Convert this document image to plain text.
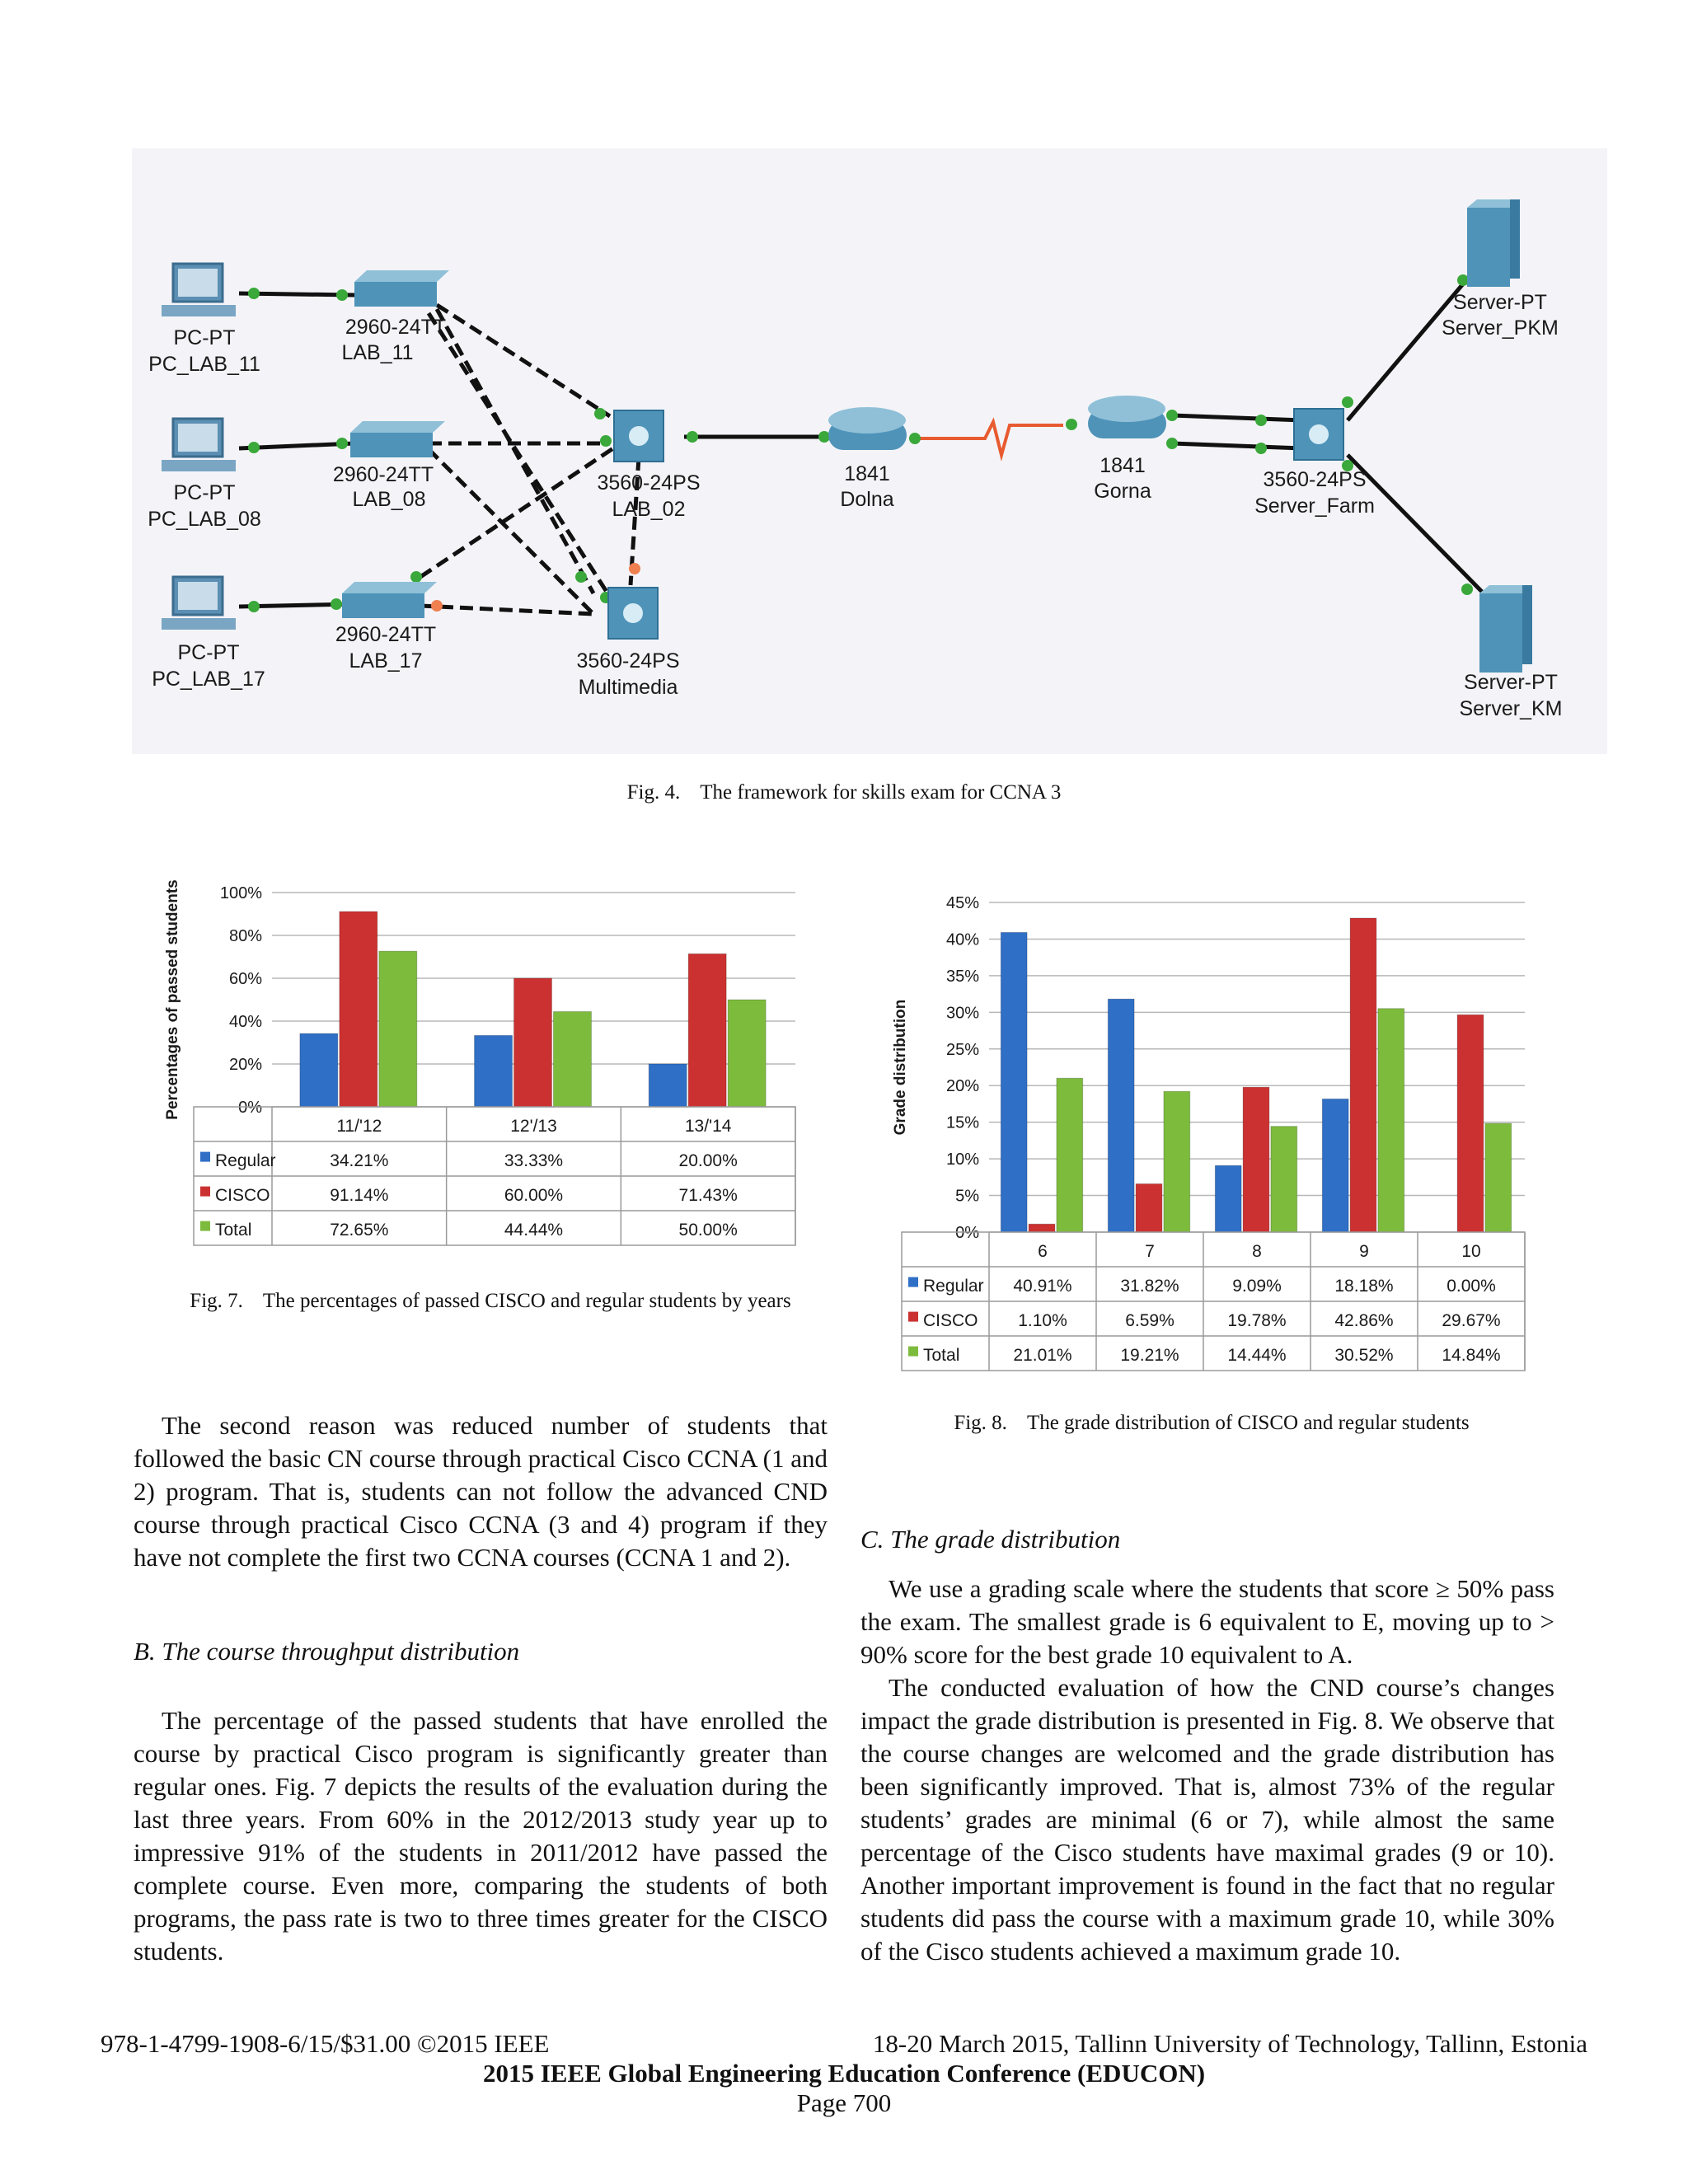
PC-PT
PC_LAB_11
PC-PT
PC_LAB_08
PC-PT
PC_LAB_17
2960-24TT
LAB_11
2960-24TT
LAB_08
2960-24TT
LAB_17
3560-24PS
LAB_02
3560-24PS
Multimedia
1841
Dolna
1841
Gorna	3560-24PS
Server_Farm
Server-PT
Server_PKM
Server-PT
Server_KM
Fig. 4. The framework for skills exam for CCNA 3
Percentages of passed students	0%
20%
40%
60%
80%
100%
11/'12	12'/13	13/'14
Regular	34.21%	33.33%	20.00%
CISCO	91.14%	60.00%	71.43%
Total	72.65%	44.44%	50.00%
Fig. 7. The percentages of passed CISCO and regular students by years
Grade distribution
0%
5%
10%
15%
20%
25%
30%
35%
40%
45%
6	7	8	9	10
Regular 40.91%	31.82%	9.09%	18.18%	0.00%
CISCO 1.10%	6.59%	19.78%	42.86%	29.67%
Total	21.01%	19.21%	14.44%	30.52%	14.84%
Fig. 8. The grade distribution of CISCO and regular students

The second reason was reduced number of students that followed the basic CN course through practical Cisco CCNA (1 and 2) program. That is, students can not follow the advanced CND course through practical Cisco CCNA (3 and 4) program if they have not complete the first two CCNA courses (CCNA 1 and 2).

B. The course throughput distribution

The percentage of the passed students that have enrolled the course by practical Cisco program is significantly greater than regular ones. Fig. 7 depicts the results of the evaluation during the last three years. From 60% in the 2012/2013 study year up to impressive 91% of the students in 2011/2012 have passed the complete course. Even more, comparing the students of both programs, the pass rate is two to three times greater for the CISCO students.

C. The grade distribution

We use a grading scale where the students that score ≥ 50% pass the exam. The smallest grade is 6 equivalent to E, moving up to > 90% score for the best grade 10 equivalent to A.

The conducted evaluation of how the CND course’s changes impact the grade distribution is presented in Fig. 8. We observe that the course changes are welcomed and the grade distribution has been significantly improved. That is, almost 73% of the regular students’ grades are minimal (6 or 7), while almost the same percentage of the Cisco students have maximal grades (9 or 10). Another important improvement is found in the fact that no regular students did pass the course with a maximum grade 10, while 30% of the Cisco students achieved a maximum grade 10.

978-1-4799-1908-6/15/$31.00 ©2015 IEEE	18-20 March 2015, Tallinn University of Technology, Tallinn, Estonia
2015 IEEE Global Engineering Education Conference (EDUCON)
Page 700
